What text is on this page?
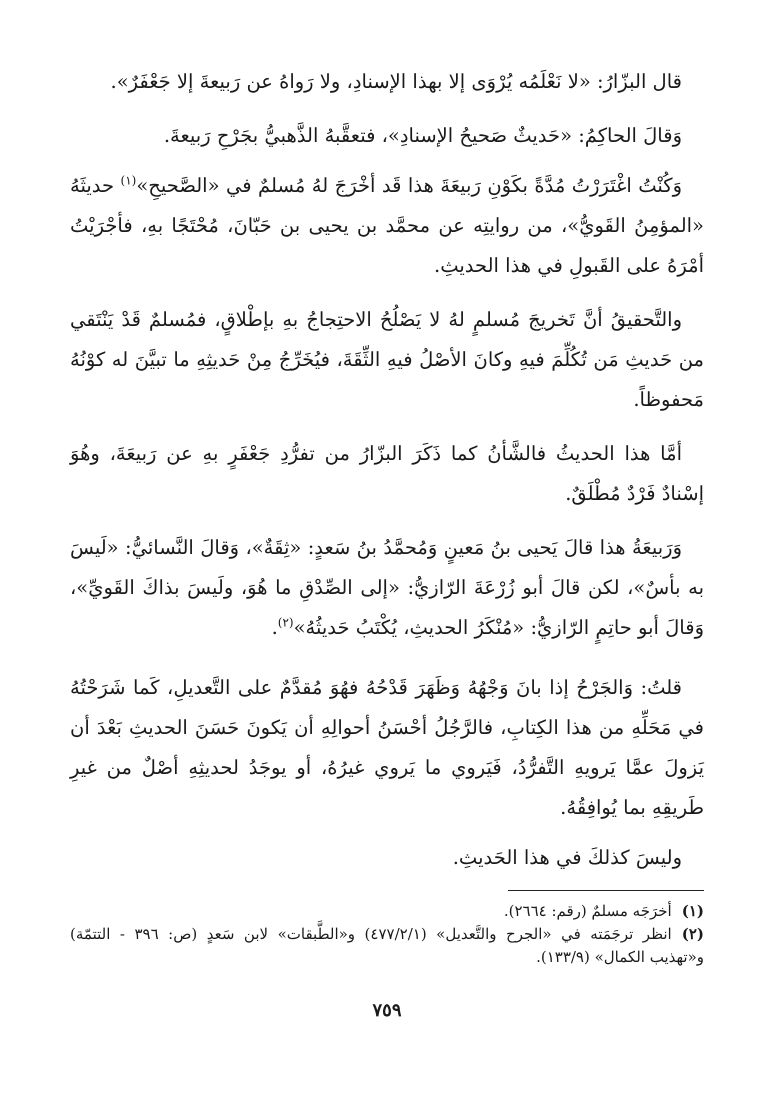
قال البزّارُ: «لا نَعْلَمُه يُرْوَى إلا بهذا الإسنادِ، ولا رَواهُ عن رَبيعةَ إلا جَعْفَرٌ».

وَقالَ الحاكِمُ: «حَديثٌ صَحيحُ الإسنادِ»، فتعقَّبهُ الذَّهبيُّ بجَرْحِ رَبيعةَ.

وَكُنْتُ اغْتَرَرْتُ مُدَّةً بكَوْنِ رَبيعَةَ هذا قَد أخْرَجَ لهُ مُسلمٌ في «الصَّحيحِ»$^{(١)}$ حديثَهُ «المؤمِنُ القَويُّ»، من روايتِه عن محمَّد بن يحيى بن حَبّانَ، مُحْتَجًا بهِ، فأجْرَيْتُ أمْرَهُ على القَبولِ في هذا الحديثِ.

والتَّحقيقُ أنَّ تَخريجَ مُسلمٍ لهُ لا يَصْلُحُ الاحتِجاجُ بهِ بإطْلاقٍ، فمُسلمٌ قَدْ يَنْتَقي من حَديثِ مَن تُكُلِّمَ فيهِ وكانَ الأصْلُ فيهِ الثِّقَةَ، فيُخَرِّجُ مِنْ حَديثِهِ ما تبيَّنَ له كوْنُهُ مَحفوظاً.

أمَّا هذا الحديثُ فالشَّأنُ كما ذَكَرَ البزّارُ من تفرُّدِ جَعْفَرٍ بهِ عن رَبيعَةَ، وهُوَ إسْنادٌ فَرْدٌ مُطْلَقٌ.

وَرَبيعَةُ هذا قالَ يَحيى بنُ مَعينٍ وَمُحمَّدُ بنُ سَعدٍ: «ثِقَةٌ»، وَقالَ النَّسائيُّ: «لَيسَ به بأسٌ»، لكن قالَ أبو زُرْعَةَ الرّازيُّ: «إلى الصِّدْقِ ما هُوَ، ولَيسَ بذاكَ القَويِّ»، وَقالَ أبو حاتِمٍ الرّازيُّ: «مُنْكَرُ الحديثِ، يُكْتَبُ حَديثُهُ»$^{(٢)}$.

قلتُ: وَالجَرْحُ إذا بانَ وَجْهُهُ وَظَهَرَ قَدْحُهُ فهُوَ مُقدَّمٌ على التَّعديلِ، كَما شَرَحْتُهُ في مَحَلِّهِ من هذا الكِتابِ، فالرَّجُلُ أحْسَنُ أحوالِهِ أن يَكونَ حَسَنَ الحديثِ بَعْدَ أن يَزولَ عمَّا يَرويهِ التَّفرُّدُ، فَيَروي ما يَروي غيرُهُ، أو يوجَدُ لحديثِهِ أصْلٌ من غيرِ طَريقِهِ بما يُوافِقُهُ.

وليسَ كذلكَ في هذا الحَديثِ.

(١)أخرَجَه مسلمٌ (رقم: ٢٦٦٤).

(٢)انظر ترجَمَته في «الجرح والتَّعديل» (٤٧٧/٢/١) و«الطَّبقات» لابن سَعدٍ (ص: ٣٩٦ - التتمّة) و«تهذيب الكمال» (١٣٣/٩).

٧٥٩
